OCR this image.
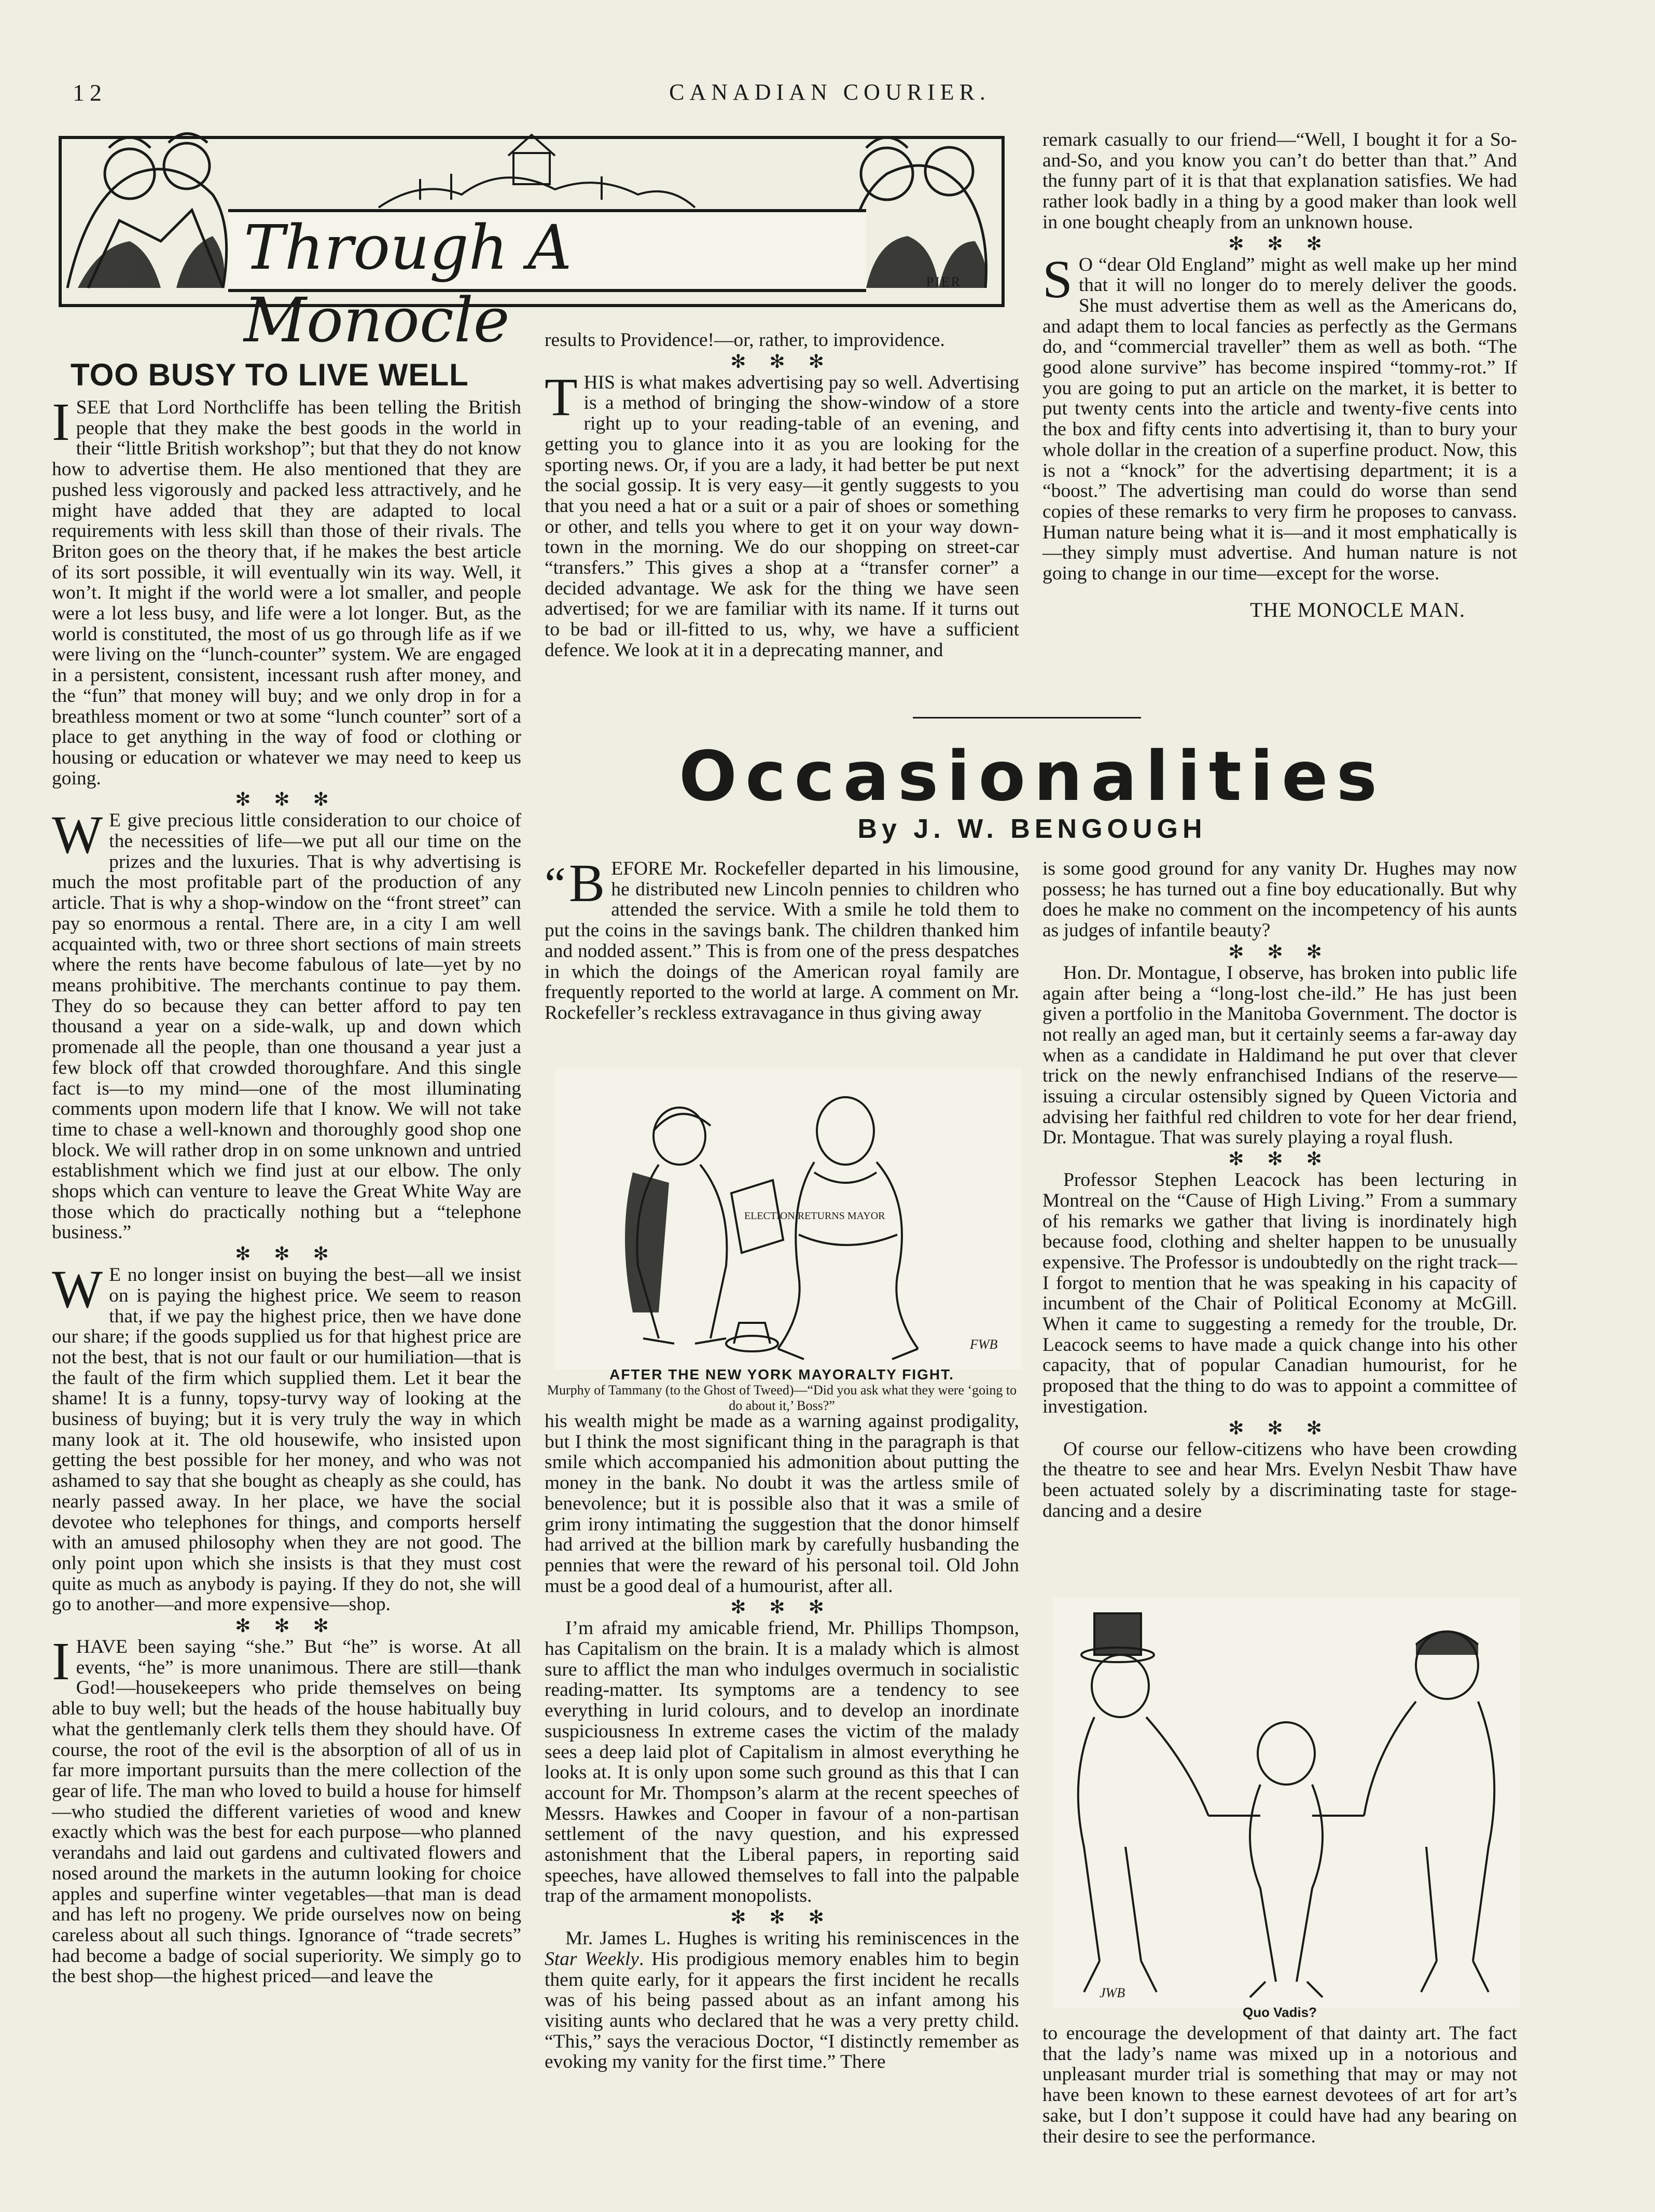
12	CANADIAN COURIER.
Through A Monocle
PIER
TOO BUSY TO LIVE WELL

ISEE that Lord Northcliffe has been telling the British people that they make the best goods in the world in their “little British workshop”; but that they do not know how to advertise them. He also mentioned that they are pushed less vigorously and packed less attractively, and he might have added that they are adapted to local requirements with less skill than those of their rivals. The Briton goes on the theory that, if he makes the best article of its sort possible, it will eventually win its way. Well, it won’t. It might if the world were a lot smaller, and people were a lot less busy, and life were a lot longer. But, as the world is constituted, the most of us go through life as if we were living on the “lunch-counter” system. We are engaged in a persistent, consistent, incessant rush after money, and the “fun” that money will buy; and we only drop in for a breathless moment or two at some “lunch counter” sort of a place to get anything in the way of food or clothing or housing or education or whatever we may need to keep us going.

✻ ✻ ✻

W E give precious little consideration to our choice of the necessities of life—we put all our time on the prizes and the luxuries. That is why advertising is much the most profitable part of the production of any article. That is why a shop-window on the “front street” can pay so enormous a rental. There are, in a city I am well acquainted with, two or three short sections of main streets where the rents have become fabulous of late—yet by no means prohibitive. The merchants continue to pay them. They do so because they can better afford to pay ten thousand a year on a side-walk, up and down which promenade all the people, than one thousand a year just a few block off that crowded thoroughfare. And this single fact is—to my mind—one of the most illuminating comments upon modern life that I know. We will not take time to chase a well-known and thoroughly good shop one block. We will rather drop in on some unknown and untried establishment which we find just at our elbow. The only shops which can venture to leave the Great White Way are those which do practically nothing but a “telephone business.”

✻ ✻ ✻

W E no longer insist on buying the best—all we insist on is paying the highest price. We seem to reason that, if we pay the highest price, then we have done our share; if the goods supplied us for that highest price are not the best, that is not our fault or our humiliation—that is the fault of the firm which supplied them. Let it bear the shame! It is a funny, topsy-turvy way of looking at the business of buying; but it is very truly the way in which many look at it. The old housewife, who insisted upon getting the best possible for her money, and who was not ashamed to say that she bought as cheaply as she could, has nearly passed away. In her place, we have the social devotee who telephones for things, and comports herself with an amused philosophy when they are not good. The only point upon which she insists is that they must cost quite as much as anybody is paying. If they do not, she will go to another—and more expensive—shop.

✻ ✻ ✻

IHAVE been saying “she.” But “he” is worse. At all events, “he” is more unanimous. There are still—thank God!—housekeepers who pride themselves on being able to buy well; but the heads of the house habitually buy what the gentlemanly clerk tells them they should have. Of course, the root of the evil is the absorption of all of us in far more important pursuits than the mere collection of the gear of life. The man who loved to build a house for himself—who studied the different varieties of wood and knew exactly which was the best for each purpose—who planned verandahs and laid out gardens and cultivated flowers and nosed around the markets in the autumn looking for choice apples and superfine winter vegetables—that man is dead and has left no progeny. We pride ourselves now on being careless about all such things. Ignorance of “trade secrets” had become a badge of social superiority. We simply go to the best shop—the highest priced—and leave the

results to Providence!—or, rather, to improvidence.

✻ ✻ ✻

THIS is what makes advertising pay so well. Advertising is a method of bringing the show-window of a store right up to your reading-table of an evening, and getting you to glance into it as you are looking for the sporting news. Or, if you are a lady, it had better be put next the social gossip. It is very easy—it gently suggests to you that you need a hat or a suit or a pair of shoes or something or other, and tells you where to get it on your way down-town in the morning. We do our shopping on street-car “transfers.” This gives a shop at a “transfer corner” a decided advantage. We ask for the thing we have seen advertised; for we are familiar with its name. If it turns out to be bad or ill-fitted to us, why, we have a sufficient defence. We look at it in a deprecating manner, and

remark casually to our friend—“Well, I bought it for a So-and-So, and you know you can’t do better than that.” And the funny part of it is that that explanation satisfies. We had rather look badly in a thing by a good maker than look well in one bought cheaply from an unknown house.

✻ ✻ ✻

S O “dear Old England” might as well make up her mind that it will no longer do to merely deliver the goods. She must advertise them as well as the Americans do, and adapt them to local fancies as perfectly as the Germans do, and “commercial traveller” them as well as both. “The good alone survive” has become inspired “tommy-rot.” If you are going to put an article on the market, it is better to put twenty cents into the article and twenty-five cents into the box and fifty cents into advertising it, than to bury your whole dollar in the creation of a superfine product. Now, this is not a “knock” for the advertising department; it is a “boost.” The advertising man could do worse than send copies of these remarks to very firm he proposes to canvass. Human nature being what it is—and it most emphatically is—they simply must advertise. And human nature is not going to change in our time—except for the worse.

THE MONOCLE MAN.
Occasionalities
By J. W. BENGOUGH

“ B EFORE Mr. Rockefeller departed in his limousine, he distributed new Lincoln pennies to children who attended the service. With a smile he told them to put the coins in the savings bank. The children thanked him and nodded assent.” This is from one of the press despatches in which the doings of the American royal family are frequently reported to the world at large. A comment on Mr. Rockefeller’s reckless extravagance in thus giving away

ELECTION RETURNS MAYOR
FWB
AFTER THE NEW YORK MAYORALTY FIGHT.
Murphy of Tammany (to the Ghost of Tweed)—“Did you ask what they were ‘going to do about it,’ Boss?”

his wealth might be made as a warning against prodigality, but I think the most significant thing in the paragraph is that smile which accompanied his admonition about putting the money in the bank. No doubt it was the artless smile of benevolence; but it is possible also that it was a smile of grim irony intimating the suggestion that the donor himself had arrived at the billion mark by carefully husbanding the pennies that were the reward of his personal toil. Old John must be a good deal of a humourist, after all.

✻ ✻ ✻

I’m afraid my amicable friend, Mr. Phillips Thompson, has Capitalism on the brain. It is a malady which is almost sure to afflict the man who indulges overmuch in socialistic reading-matter. Its symptoms are a tendency to see everything in lurid colours, and to develop an inordinate suspiciousness In extreme cases the victim of the malady sees a deep laid plot of Capitalism in almost everything he looks at. It is only upon some such ground as this that I can account for Mr. Thompson’s alarm at the recent speeches of Messrs. Hawkes and Cooper in favour of a non-partisan settlement of the navy question, and his expressed astonishment that the Liberal papers, in reporting said speeches, have allowed themselves to fall into the palpable trap of the armament monopolists.

✻ ✻ ✻

Mr. James L. Hughes is writing his reminiscences in the Star Weekly. His prodigious memory enables him to begin them quite early, for it appears the first incident he recalls was of his being passed about as an infant among his visiting aunts who declared that he was a very pretty child. “This,” says the veracious Doctor, “I distinctly remember as evoking my vanity for the first time.” There

is some good ground for any vanity Dr. Hughes may now possess; he has turned out a fine boy educationally. But why does he make no comment on the incompetency of his aunts as judges of infantile beauty?

✻ ✻ ✻

Hon. Dr. Montague, I observe, has broken into public life again after being a “long-lost che-ild.” He has just been given a portfolio in the Manitoba Government. The doctor is not really an aged man, but it certainly seems a far-away day when as a candidate in Haldimand he put over that clever trick on the newly enfranchised Indians of the reserve—issuing a circular ostensibly signed by Queen Victoria and advising her faithful red children to vote for her dear friend, Dr. Montague. That was surely playing a royal flush.

✻ ✻ ✻

Professor Stephen Leacock has been lecturing in Montreal on the “Cause of High Living.” From a summary of his remarks we gather that living is inordinately high because food, clothing and shelter happen to be unusually expensive. The Professor is undoubtedly on the right track—I forgot to mention that he was speaking in his capacity of incumbent of the Chair of Political Economy at McGill. When it came to suggesting a remedy for the trouble, Dr. Leacock seems to have made a quick change into his other capacity, that of popular Canadian humourist, for he proposed that the thing to do was to appoint a committee of investigation.

✻ ✻ ✻

Of course our fellow-citizens who have been crowding the theatre to see and hear Mrs. Evelyn Nesbit Thaw have been actuated solely by a discriminating taste for stage-dancing and a desire

JWB
Quo Vadis?

to encourage the development of that dainty art. The fact that the lady’s name was mixed up in a notorious and unpleasant murder trial is something that may or may not have been known to these earnest devotees of art for art’s sake, but I don’t suppose it could have had any bearing on their desire to see the performance.
